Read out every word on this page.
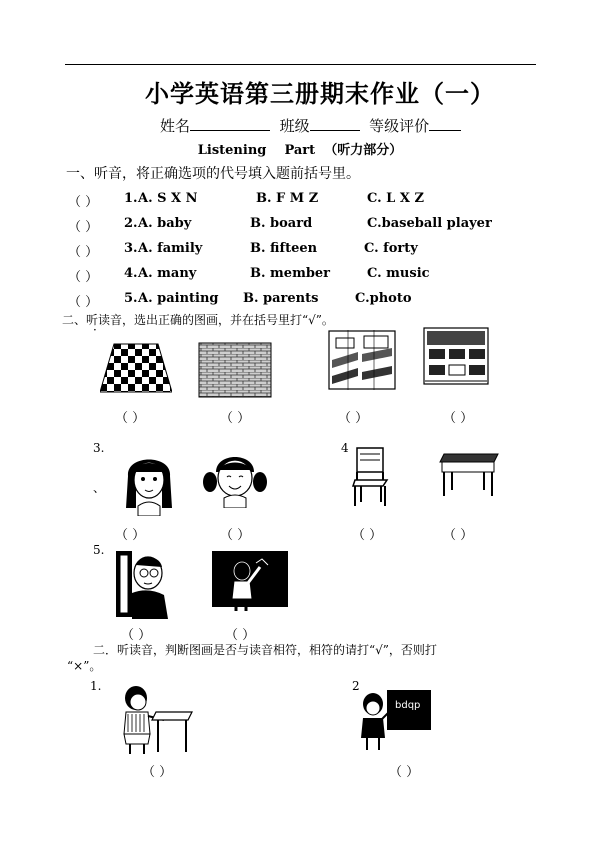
小学英语第三册期末作业（一）
姓名	班级	等级评价
Listening    Part （听力部分）
一、听音，将正确选项的代号填入题前括号里。
（ ） 1. A. S X N	B. F M Z	C. L X Z
（ ） 2. A. baby	B. board	C.baseball player
（ ） 3. A. family	B. fifteen	C. forty
（ ） 4. A. many	B. member	C. music
（ ） 5. A. painting B. parents	C.photo
二、听读音，选出正确的图画，并在括号里打“√”。
·
（ ）	（ ）	（ ）	（ ）
3.
、
4
（ ）	（ ）	（ ）	（ ）
5.
（ ）	（ ）
二．听读音，判断图画是否与读音相符，相符的请打“√”，否则打
“×”。
1.	2
bdqp
（ ）	（ ）
